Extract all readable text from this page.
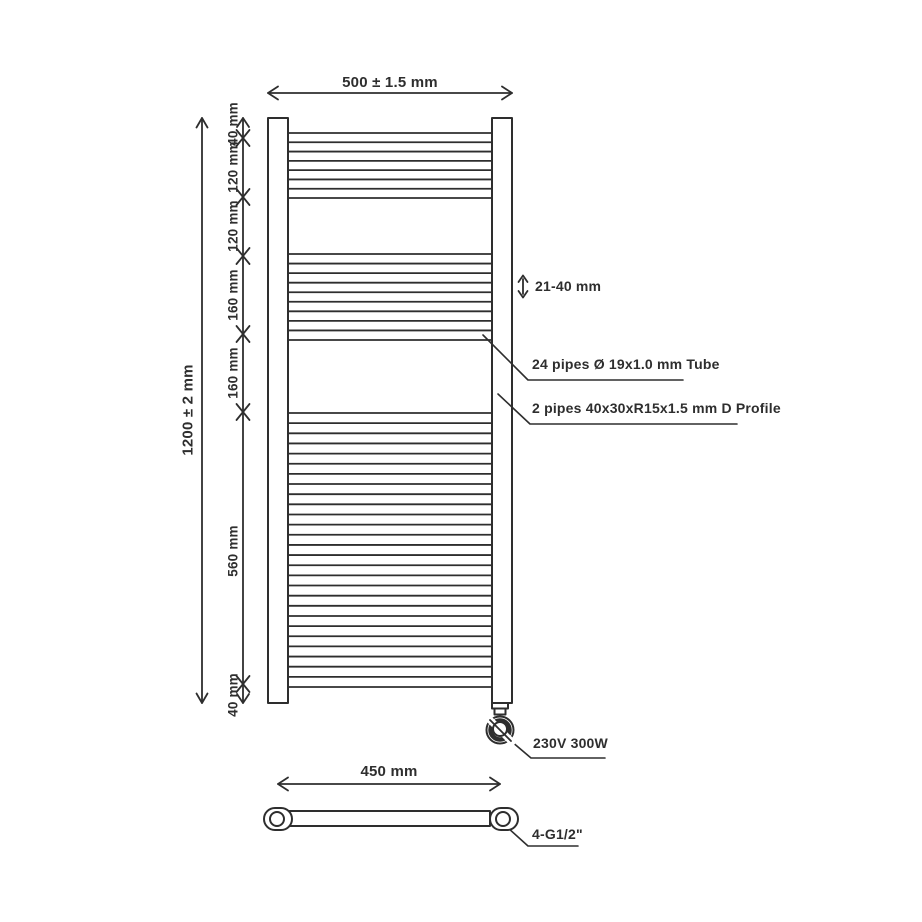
500 ± 1.5 mm
1200 ± 2 mm
40 mm
120 mm
120 mm
160 mm
160 mm
560 mm
40 mm
21-40 mm
24 pipes Ø 19x1.0 mm Tube
2 pipes 40x30xR15x1.5 mm D Profile
230V 300W
450 mm
4-G1/2"
